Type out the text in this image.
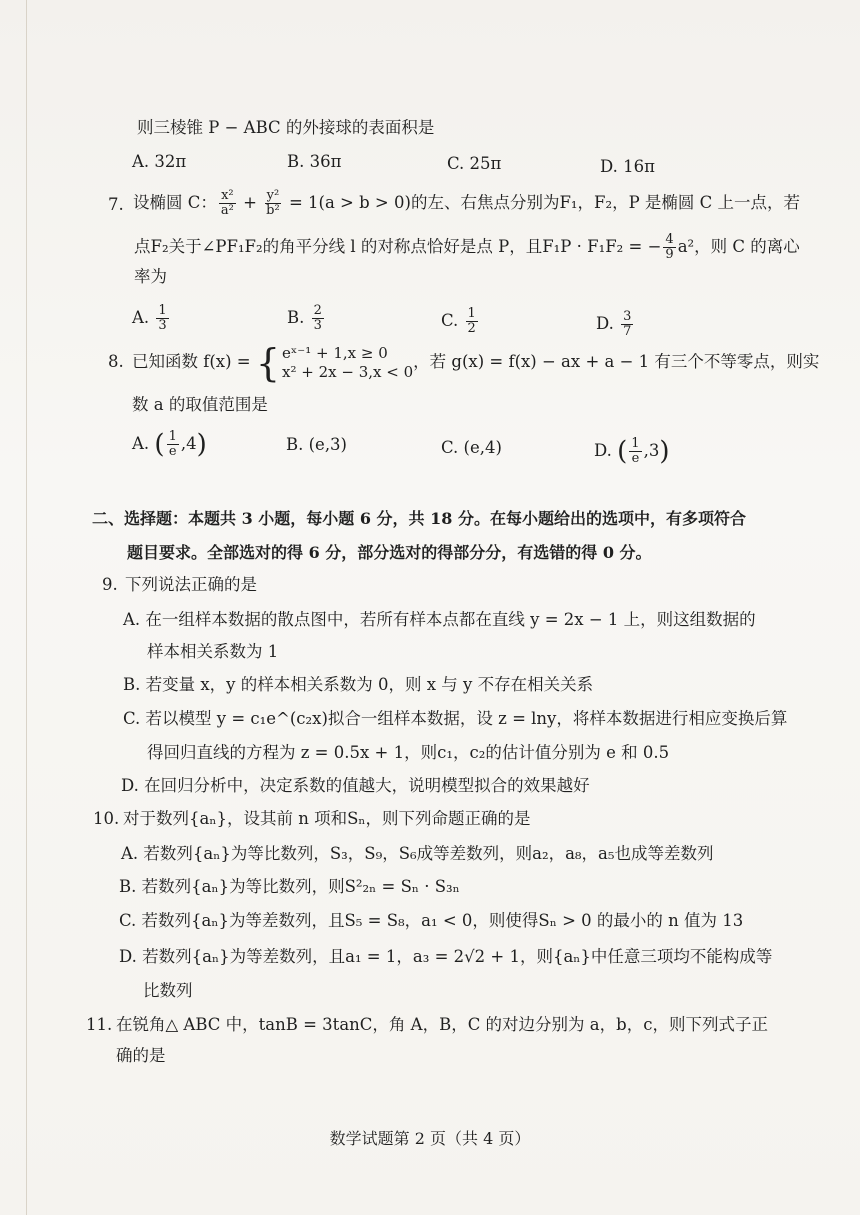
则三棱锥 P − ABC 的外接球的表面积是
A. 32π	B. 36π	C. 25π	D. 16π
7. 设椭圆 C： $\frac{\text{x²}}{\text{a²}} + \frac{\text{y²}}{\text{b²}} = 1(a > b > 0)$的左、右焦点分别为F₁，F₂，P 是椭圆 C 上一点，若
点F₂关于∠PF₁F₂的角平分线 l 的对称点恰好是点 P，且F₁P · F₁F₂ = − $\frac{4}{9} a^2$，则 C 的离心
率为
A. $\frac{1}{3}$	B. $\frac{2}{3}$	C. $\frac{1}{2}$	D. $\frac{3}{7}$
8. 已知函数 f(x) = { eˣ⁻¹ + 1,x ≥ 0
x² + 2x − 3,x < 0
，若 g(x) = f(x) − ax + a − 1 有三个不等零点，则实
数 a 的取值范围是
A. ( $\frac{1}{e} ,4$)	B. (e,3)	C. (e,4)	D. ( $\frac{1}{e} ,3$)
二、选择题：本题共 3 小题，每小题 6 分，共 18 分。在每小题给出的选项中，有多项符合
题目要求。全部选对的得 6 分，部分选对的得部分分，有选错的得 0 分。
9. 下列说法正确的是
A. 在一组样本数据的散点图中，若所有样本点都在直线 y = 2x − 1 上，则这组数据的
样本相关系数为 1
B. 若变量 x，y 的样本相关系数为 0，则 x 与 y 不存在相关关系
C. 若以模型 y = c₁e^(c₂x)拟合一组样本数据，设 z = lny，将样本数据进行相应变换后算
得回归直线的方程为 z = 0.5x + 1，则c₁，c₂的估计值分别为 e 和 0.5
D. 在回归分析中，决定系数的值越大，说明模型拟合的效果越好
10. 对于数列{aₙ}，设其前 n 项和Sₙ，则下列命题正确的是
A. 若数列{aₙ}为等比数列，S₃，S₉，S₆成等差数列，则a₂，a₈，a₅也成等差数列
B. 若数列{aₙ}为等比数列，则S²₂ₙ = Sₙ · S₃ₙ
C. 若数列{aₙ}为等差数列，且S₅ = S₈，a₁ < 0，则使得Sₙ > 0 的最小的 n 值为 13
D. 若数列{aₙ}为等差数列，且a₁ = 1，a₃ = 2√2 + 1，则{aₙ}中任意三项均不能构成等
比数列
11. 在锐角△ ABC 中，tanB = 3tanC，角 A，B，C 的对边分别为 a，b，c，则下列式子正
确的是
数学试题第 2 页（共 4 页）
